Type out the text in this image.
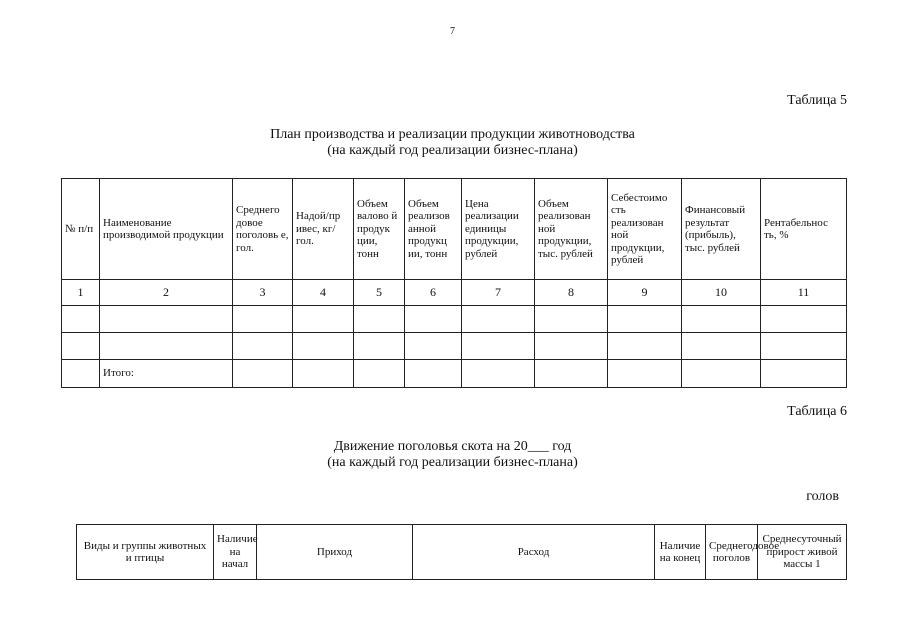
7
Таблица 5
План производства и реализации продукции животноводства
(на каждый год реализации бизнес-плана)
№ п/п	Наименование производимой продукции	Среднего довое поголовь е, гол.	Надой/пр ивес, кг/гол.	Объем валово й продук ции, тонн	Объем реализов анной продукц ии, тонн	Цена реализации единицы продукции, рублей	Объем реализован ной продукции, тыс. рублей	Себестоимо сть реализован ной продукции, рублей	Финансовый результат (прибыль), тыс. рублей	Рентабельнос ть, %
1	2	3	4	5	6	7	8	9	10	11

	Итого:									
Таблица 6
Движение поголовья скота на 20___ год
(на каждый год реализации бизнес-плана)
голов
Виды и группы животных и птицы	Наличие на начал	Приход	Расход	Наличие на конец	Среднегодовое поголов	Среднесуточный прирост живой массы 1
